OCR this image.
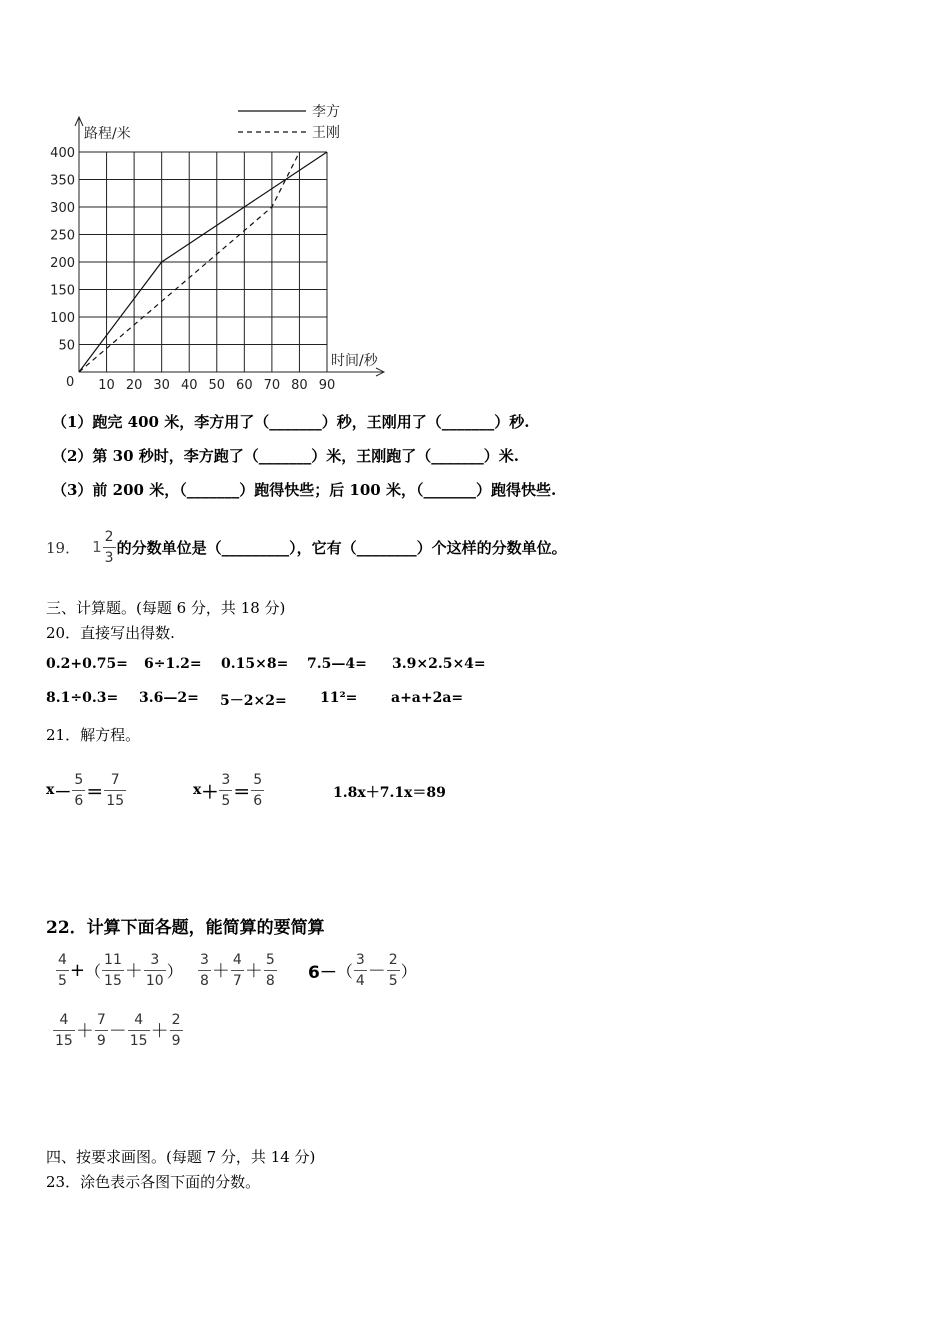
路程/米
时间/秒
0 10 20 30 40 50 60 70 80 90
50
100
150
200
250
300
350
400
李方
王刚
（1）跑完 400 米，李方用了（_______）秒，王刚用了（_______）秒.
（2）第 30 秒时，李方跑了（_______）米，王刚跑了（_______）米.
（3）前 200 米，（_______）跑得快些；后 100 米，（_______）跑得快些.
19． $1 \frac{2}{3}$ 的分数单位是（_________），它有（________）个这样的分数单位。
三、计算题。(每题 6 分，共 18 分)
20．直接写出得数.
0.2+0.75= 6÷1.2= 0.15×8= 7.5—4= 3.9×2.5×4=
8.1÷0.3= 3.6—2= 5－2×2= 11²= a+a+2a=
21．解方程。
$x - \frac{5}{6} = \frac{7}{15}$	$x + \frac{3}{5} = \frac{5}{6}$	1.8x＋7.1x＝89
22．计算下面各题，能简算的要简算
$\frac{4}{5}$ + （ $\frac{11}{15} + \frac{3}{10}$ ） $\frac{3}{8} + \frac{4}{7} + \frac{5}{8} 6-$ （ $\frac{3}{4} - \frac{2}{5}$ ）
$\frac{4}{15} + \frac{7}{9} - \frac{4}{15} + \frac{2}{9}$
四、按要求画图。(每题 7 分，共 14 分)
23．涂色表示各图下面的分数。
